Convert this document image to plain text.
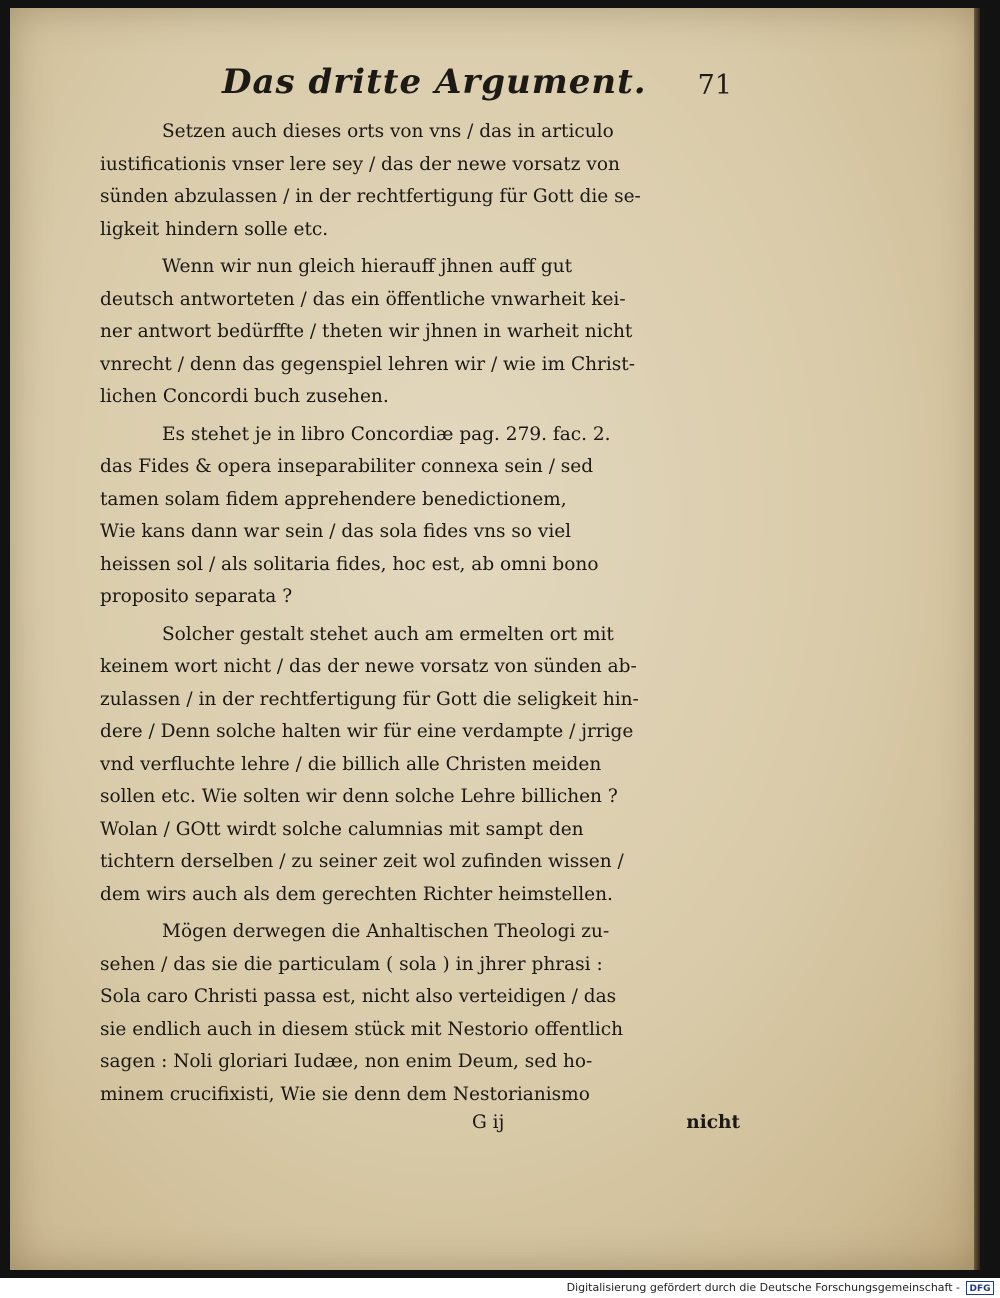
Das dritte Argument. 71

Setzen auch dieses orts von vns / das in articulo
iustificationis vnser lere sey / das der newe vorsatz von
sünden abzulassen / in der rechtfertigung für Gott die se-
ligkeit hindern solle etc.

Wenn wir nun gleich hierauff jhnen auff gut
deutsch antworteten / das ein öffentliche vnwarheit kei-
ner antwort bedürffte / theten wir jhnen in warheit nicht
vnrecht / denn das gegenspiel lehren wir / wie im Christ-
lichen Concordi buch zusehen.

Es stehet je in libro Concordiæ pag. 279. fac. 2.
das Fides & opera inseparabiliter connexa sein / sed
tamen solam fidem apprehendere benedictionem,
Wie kans dann war sein / das sola fides vns so viel
heissen sol / als solitaria fides, hoc est, ab omni bono
proposito separata ?

Solcher gestalt stehet auch am ermelten ort mit
keinem wort nicht / das der newe vorsatz von sünden ab-
zulassen / in der rechtfertigung für Gott die seligkeit hin-
dere / Denn solche halten wir für eine verdampte / jrrige
vnd verfluchte lehre / die billich alle Christen meiden
sollen etc. Wie solten wir denn solche Lehre billichen ?
Wolan / GOtt wirdt solche calumnias mit sampt den
tichtern derselben / zu seiner zeit wol zufinden wissen /
dem wirs auch als dem gerechten Richter heimstellen.

Mögen derwegen die Anhaltischen Theologi zu-
sehen / das sie die particulam ( sola ) in jhrer phrasi :
Sola caro Christi passa est, nicht also verteidigen / das
sie endlich auch in diesem stück mit Nestorio offentlich
sagen : Noli gloriari Iudæe, non enim Deum, sed ho-
minem crucifixisti, Wie sie denn dem Nestorianismo

G ij	nicht
Digitalisierung gefördert durch die Deutsche Forschungsgemeinschaft -	DFG
